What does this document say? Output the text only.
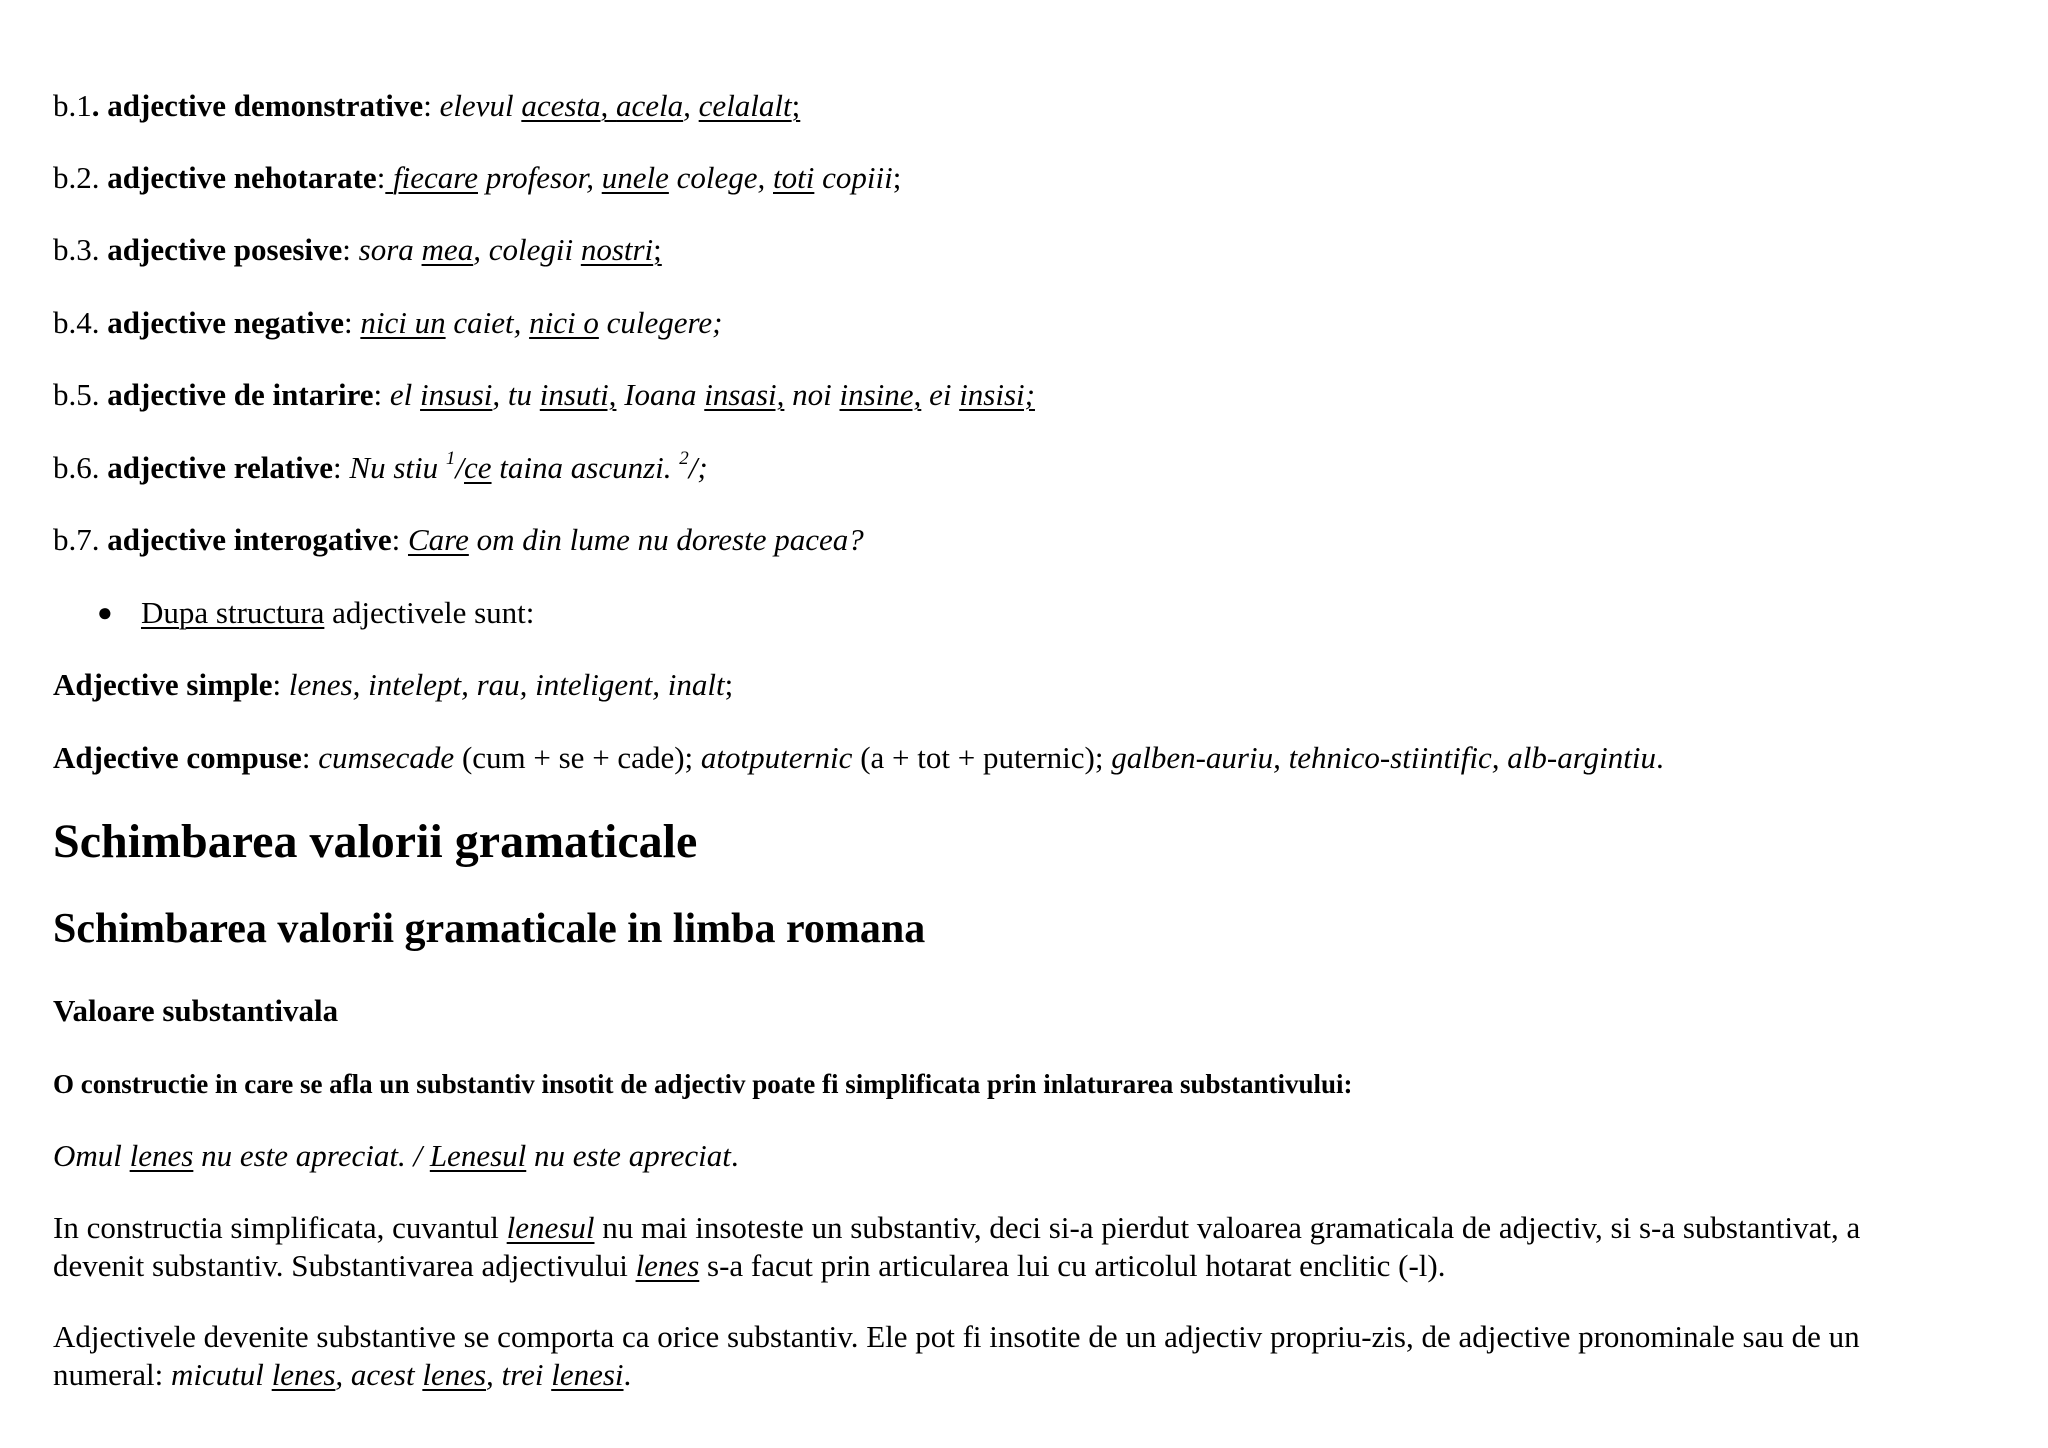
b.1. adjective demonstrative: elevul acesta, acela, celalalt;
b.2. adjective nehotarate: fiecare profesor, unele colege, toti copiii;
b.3. adjective posesive: sora mea, colegii nostri;
b.4. adjective negative: nici un caiet, nici o culegere;
b.5. adjective de intarire: el insusi, tu insuti, Ioana insasi, noi insine, ei insisi;
b.6. adjective relative: Nu stiu $^1$/ce taina ascunzi. $^2$/;
b.7. adjective interogative: Care om din lume nu doreste pacea?
● Dupa structura adjectivele sunt:
Adjective simple: lenes, intelept, rau, inteligent, inalt;
Adjective compuse: cumsecade (cum + se + cade); atotputernic (a + tot + puternic); galben-auriu, tehnico-stiintific, alb-argintiu.
Schimbarea valorii gramaticale
Schimbarea valorii gramaticale in limba romana
Valoare substantivala
O constructie in care se afla un substantiv insotit de adjectiv poate fi simplificata prin inlaturarea substantivului:
Omul lenes nu este apreciat. / Lenesul nu este apreciat.
In constructia simplificata, cuvantul lenesul nu mai insoteste un substantiv, deci si-a pierdut valoarea gramaticala de adjectiv, si s-a substantivat, a
devenit substantiv. Substantivarea adjectivului lenes s-a facut prin articularea lui cu articolul hotarat enclitic (-l).
Adjectivele devenite substantive se comporta ca orice substantiv. Ele pot fi insotite de un adjectiv propriu-zis, de adjective pronominale sau de un
numeral: micutul lenes, acest lenes, trei lenesi.
